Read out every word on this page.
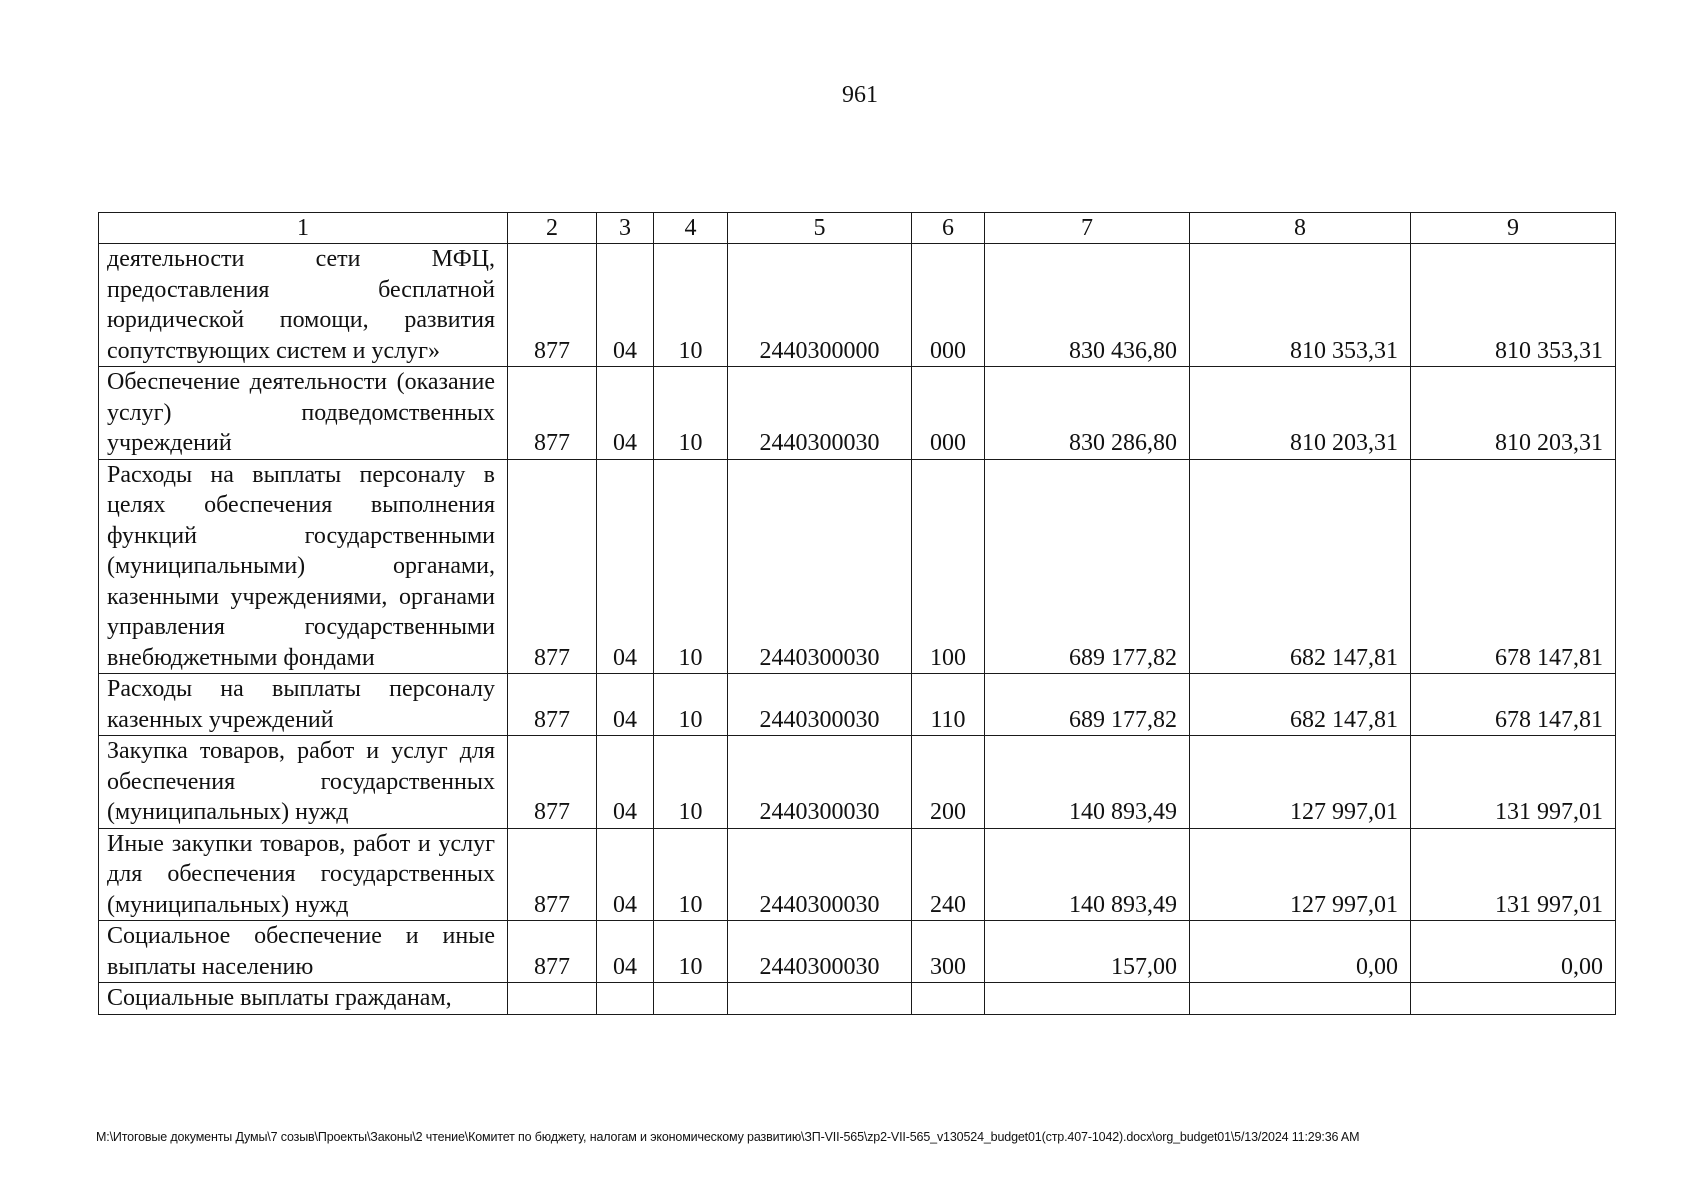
961
1	2	3	4	5	6	7	8	9
деятельности сети МФЦ, предоставления бесплатной юридической помощи, развития сопутствующих систем и услуг»	877	04	10	2440300000	000	830 436,80	810 353,31	810 353,31
Обеспечение деятельности (оказание услуг) подведомственных учреждений	877	04	10	2440300030	000	830 286,80	810 203,31	810 203,31
Расходы на выплаты персоналу в целях обеспечения выполнения функций государственными (муниципальными) органами, казенными учреждениями, органами управления государственными внебюджетными фондами	877	04	10	2440300030	100	689 177,82	682 147,81	678 147,81
Расходы на выплаты персоналу казенных учреждений	877	04	10	2440300030	110	689 177,82	682 147,81	678 147,81
Закупка товаров, работ и услуг для обеспечения государственных (муниципальных) нужд	877	04	10	2440300030	200	140 893,49	127 997,01	131 997,01
Иные закупки товаров, работ и услуг для обеспечения государственных (муниципальных) нужд	877	04	10	2440300030	240	140 893,49	127 997,01	131 997,01
Социальное обеспечение и иные выплаты населению	877	04	10	2440300030	300	157,00	0,00	0,00
Социальные выплаты гражданам,								
M:\Итоговые документы Думы\7 созыв\Проекты\Законы\2 чтение\Комитет по бюджету, налогам и экономическому развитию\ЗП-VII-565\zp2-VII-565_v130524_budget01(стр.407-1042).docx\org_budget01\5/13/2024 11:29:36 AM
